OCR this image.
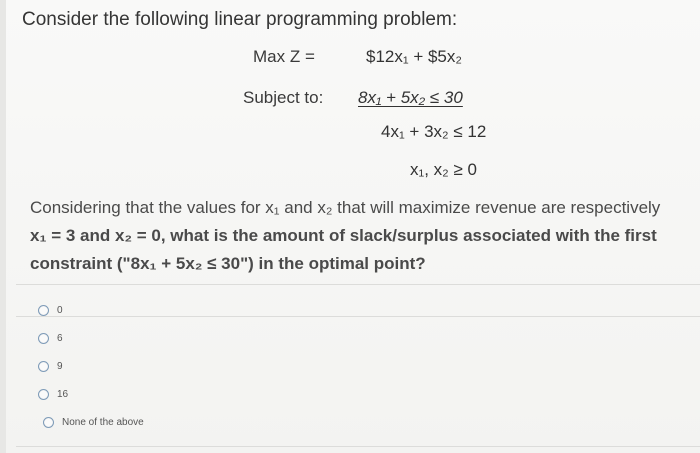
Consider the following linear programming problem:
Max Z =	$12x₁ + $5x₂
Subject to: 8x₁ + 5x₂ ≤ 30
4x₁ + 3x₂ ≤ 12
x₁, x₂ ≥ 0
Considering that the values for x₁ and x₂ that will maximize revenue are respectively
x₁ = 3 and x₂ = 0, what is the amount of slack/surplus associated with the first
constraint ("8x₁ + 5x₂ ≤ 30") in the optimal point?
0
6
9
16
None of the above
